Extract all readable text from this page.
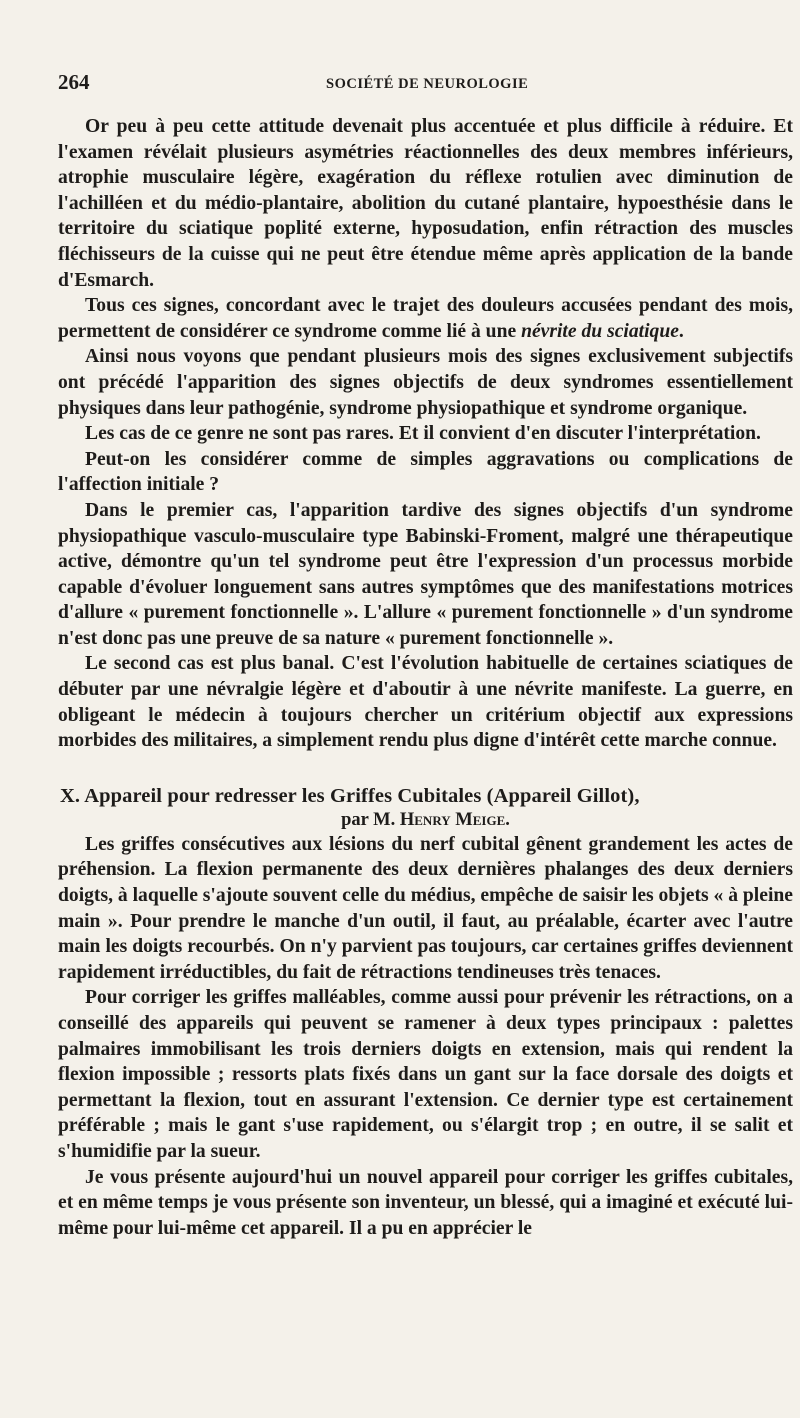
264	SOCIÉTÉ DE NEUROLOGIE

Or peu à peu cette attitude devenait plus accentuée et plus difficile à réduire. Et l'examen révélait plusieurs asymétries réactionnelles des deux membres inférieurs, atrophie musculaire légère, exagération du réflexe rotulien avec diminution de l'achilléen et du médio-plantaire, abolition du cutané plantaire, hypoesthésie dans le territoire du sciatique poplité externe, hyposudation, enfin rétraction des muscles fléchisseurs de la cuisse qui ne peut être étendue même après application de la bande d'Esmarch.

Tous ces signes, concordant avec le trajet des douleurs accusées pendant des mois, permettent de considérer ce syndrome comme lié à une névrite du sciatique.

Ainsi nous voyons que pendant plusieurs mois des signes exclusivement subjectifs ont précédé l'apparition des signes objectifs de deux syndromes essentiellement physiques dans leur pathogénie, syndrome physiopathique et syndrome organique.

Les cas de ce genre ne sont pas rares. Et il convient d'en discuter l'interprétation.

Peut-on les considérer comme de simples aggravations ou complications de l'affection initiale ?

Dans le premier cas, l'apparition tardive des signes objectifs d'un syndrome physiopathique vasculo-musculaire type Babinski-Froment, malgré une thérapeutique active, démontre qu'un tel syndrome peut être l'expression d'un processus morbide capable d'évoluer longuement sans autres symptômes que des manifestations motrices d'allure « purement fonctionnelle ». L'allure « purement fonctionnelle » d'un syndrome n'est donc pas une preuve de sa nature « purement fonctionnelle ».

Le second cas est plus banal. C'est l'évolution habituelle de certaines sciatiques de débuter par une névralgie légère et d'aboutir à une névrite manifeste. La guerre, en obligeant le médecin à toujours chercher un critérium objectif aux expressions morbides des militaires, a simplement rendu plus digne d'intérêt cette marche connue.

X. Appareil pour redresser les Griffes Cubitales (Appareil Gillot),

par M. Henry Meige.

Les griffes consécutives aux lésions du nerf cubital gênent grandement les actes de préhension. La flexion permanente des deux dernières phalanges des deux derniers doigts, à laquelle s'ajoute souvent celle du médius, empêche de saisir les objets « à pleine main ». Pour prendre le manche d'un outil, il faut, au préalable, écarter avec l'autre main les doigts recourbés. On n'y parvient pas toujours, car certaines griffes deviennent rapidement irréductibles, du fait de rétractions tendineuses très tenaces.

Pour corriger les griffes malléables, comme aussi pour prévenir les rétractions, on a conseillé des appareils qui peuvent se ramener à deux types principaux : palettes palmaires immobilisant les trois derniers doigts en extension, mais qui rendent la flexion impossible ; ressorts plats fixés dans un gant sur la face dorsale des doigts et permettant la flexion, tout en assurant l'extension. Ce dernier type est certainement préférable ; mais le gant s'use rapidement, ou s'élargit trop ; en outre, il se salit et s'humidifie par la sueur.

Je vous présente aujourd'hui un nouvel appareil pour corriger les griffes cubitales, et en même temps je vous présente son inventeur, un blessé, qui a imaginé et exécuté lui-même pour lui-même cet appareil. Il a pu en apprécier le
